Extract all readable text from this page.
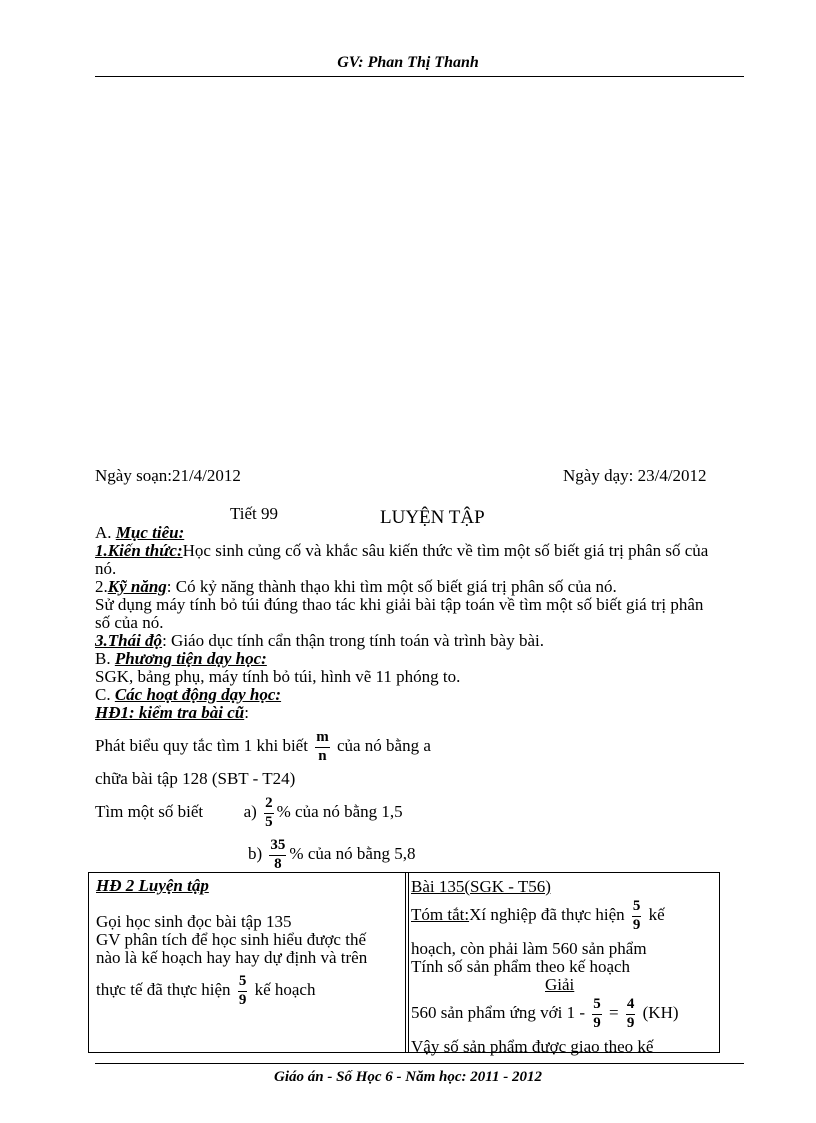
GV: Phan Thị Thanh
Ngày soạn:21/4/2012	Ngày dạy: 23/4/2012
Tiết 99	LUYỆN TẬP
A. Mục tiêu:
1.Kiến thức:Học sinh củng cố và khắc sâu kiến thức về tìm một số biết giá trị phân số của
nó.
2.Kỹ năng: Có kỷ năng thành thạo khi tìm một số biết giá trị phân số của nó.
Sử dụng máy tính bỏ túi đúng thao tác khi giải bài tập toán về tìm một số biết giá trị phân
số của nó.
3.Thái độ: Giáo dục tính cẩn thận trong tính toán và trình bày bài.
B. Phương tiện dạy học:
SGK, bảng phụ, máy tính bỏ túi, hình vẽ 11 phóng to.
C. Các hoạt động dạy học:
HĐ1: kiểm tra bài cũ:
Phát biểu quy tắc tìm 1 khi biết $\frac{m}{n}$ của nó bằng a
chữa bài tập 128 (SBT - T24)
Tìm một số biết $a) \frac{2}{5}$ % của nó bằng 1,5
$b) \frac{35}{8}$ % của nó bằng 5,8
HĐ 2 Luyện tập
Gọi học sinh đọc bài tập 135
GV phân tích để học sinh hiểu được thế
nào là kế hoạch hay hay dự định và trên
thực tế đã thực hiện $\frac{5}{9}$ kế hoạch
Bài 135(SGK - T56)
Tóm tắt:Xí nghiệp đã thực hiện $\frac{5}{9}$ kế
hoạch, còn phải làm 560 sản phẩm
Tính số sản phẩm theo kế hoạch
Giải
560 sản phẩm ứng với $1 - \frac{5}{9} = \frac{4}{9} (KH)$
Vậy số sản phẩm được giao theo kế
Giáo án - Số Học 6 - Năm học: 2011 - 2012
